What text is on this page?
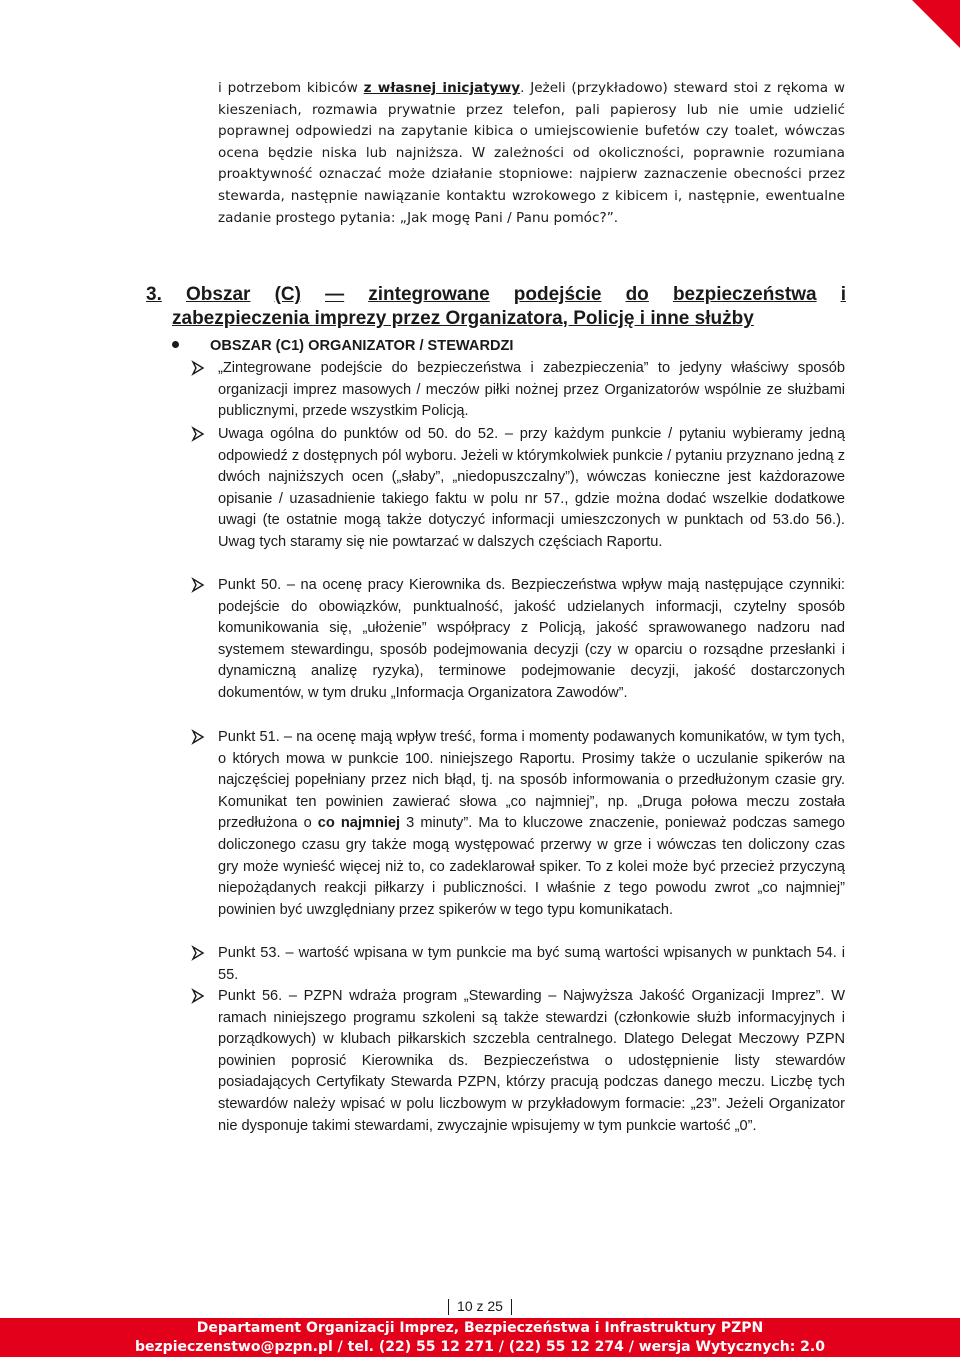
i potrzebom kibiców z własnej inicjatywy. Jeżeli (przykładowo) steward stoi z rękoma w kieszeniach, rozmawia prywatnie przez telefon, pali papierosy lub nie umie udzielić poprawnej odpowiedzi na zapytanie kibica o umiejscowienie bufetów czy toalet, wówczas ocena będzie niska lub najniższa. W zależności od okoliczności, poprawnie rozumiana proaktywność oznaczać może działanie stopniowe: najpierw zaznaczenie obecności przez stewarda, następnie nawiązanie kontaktu wzrokowego z kibicem i, następnie, ewentualne zadanie prostego pytania: „Jak mogę Pani / Panu pomóc?”.

3. Obszar (C) — zintegrowane podejście do bezpieczeństwa i
zabezpieczenia imprezy przez Organizatora, Policję i inne służby
OBSZAR (C1) ORGANIZATOR / STEWARDZI

„Zintegrowane podejście do bezpieczeństwa i zabezpieczenia” to jedyny właściwy sposób organizacji imprez masowych / meczów piłki nożnej przez Organizatorów wspólnie ze służbami publicznymi, przede wszystkim Policją.

Uwaga ogólna do punktów od 50. do 52. – przy każdym punkcie / pytaniu wybieramy jedną odpowiedź z dostępnych pól wyboru. Jeżeli w którymkolwiek punkcie / pytaniu przyznano jedną z dwóch najniższych ocen („słaby”, „niedopuszczalny”), wówczas konieczne jest każdorazowe opisanie / uzasadnienie takiego faktu w polu nr 57., gdzie można dodać wszelkie dodatkowe uwagi (te ostatnie mogą także dotyczyć informacji umieszczonych w punktach od 53.do 56.). Uwag tych staramy się nie powtarzać w dalszych częściach Raportu.

Punkt 50. – na ocenę pracy Kierownika ds. Bezpieczeństwa wpływ mają następujące czynniki: podejście do obowiązków, punktualność, jakość udzielanych informacji, czytelny sposób komunikowania się, „ułożenie” współpracy z Policją, jakość sprawowanego nadzoru nad systemem stewardingu, sposób podejmowania decyzji (czy w oparciu o rozsądne przesłanki i dynamiczną analizę ryzyka), terminowe podejmowanie decyzji, jakość dostarczonych dokumentów, w tym druku „Informacja Organizatora Zawodów”.

Punkt 51. – na ocenę mają wpływ treść, forma i momenty podawanych komunikatów, w tym tych, o których mowa w punkcie 100. niniejszego Raportu. Prosimy także o uczulanie spikerów na najczęściej popełniany przez nich błąd, tj. na sposób informowania o przedłużonym czasie gry. Komunikat ten powinien zawierać słowa „co najmniej”, np. „Druga połowa meczu została przedłużona o co najmniej 3 minuty”. Ma to kluczowe znaczenie, ponieważ podczas samego doliczonego czasu gry także mogą występować przerwy w grze i wówczas ten doliczony czas gry może wynieść więcej niż to, co zadeklarował spiker. To z kolei może być przecież przyczyną niepożądanych reakcji piłkarzy i publiczności. I właśnie z tego powodu zwrot „co najmniej” powinien być uwzględniany przez spikerów w tego typu komunikatach.

Punkt 53. – wartość wpisana w tym punkcie ma być sumą wartości wpisanych w punktach 54. i 55.

Punkt 56. – PZPN wdraża program „Stewarding – Najwyższa Jakość Organizacji Imprez”. W ramach niniejszego programu szkoleni są także stewardzi (członkowie służb informacyjnych i porządkowych) w klubach piłkarskich szczebla centralnego. Dlatego Delegat Meczowy PZPN powinien poprosić Kierownika ds. Bezpieczeństwa o udostępnienie listy stewardów posiadających Certyfikaty Stewarda PZPN, którzy pracują podczas danego meczu. Liczbę tych stewardów należy wpisać w polu liczbowym w przykładowym formacie: „23”. Jeżeli Organizator nie dysponuje takimi stewardami, zwyczajnie wpisujemy w tym punkcie wartość „0”.

10 z 25
Departament Organizacji Imprez, Bezpieczeństwa i Infrastruktury PZPN
bezpieczenstwo@pzpn.pl / tel. (22) 55 12 271 / (22) 55 12 274 / wersja Wytycznych: 2.0
